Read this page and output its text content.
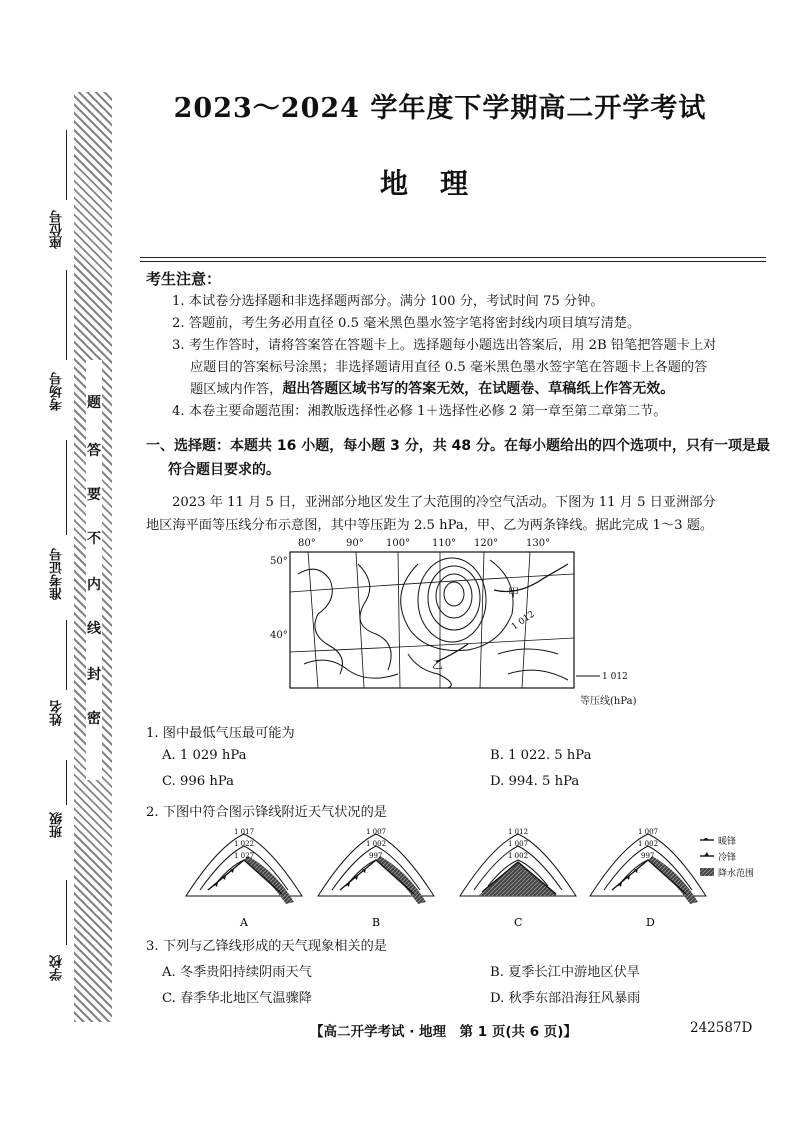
题
答
要
不
内
线
封
密
座位号
考场号
准考证号
姓名
班级
学校
2023～2024 学年度下学期高二开学考试
地理
考生注意：
1. 本试卷分选择题和非选择题两部分。满分 100 分，考试时间 75 分钟。
2. 答题前，考生务必用直径 0.5 毫米黑色墨水签字笔将密封线内项目填写清楚。
3. 考生作答时，请将答案答在答题卡上。选择题每小题选出答案后，用 2B 铅笔把答题卡上对
应题目的答案标号涂黑；非选择题请用直径 0.5 毫米黑色墨水签字笔在答题卡上各题的答
题区域内作答，超出答题区域书写的答案无效，在试题卷、草稿纸上作答无效。
4. 本卷主要命题范围：湘教版选择性必修 1＋选择性必修 2 第一章至第二章第二节。
一、选择题：本题共 16 小题，每小题 3 分，共 48 分。在每小题给出的四个选项中，只有一项是最
符合题目要求的。
2023 年 11 月 5 日，亚洲部分地区发生了大范围的冷空气活动。下图为 11 月 5 日亚洲部分
地区海平面等压线分布示意图，其中等压距为 2.5 hPa，甲、乙为两条锋线。据此完成 1～3 题。
80°	90° 100° 110° 120°	130°
50°
40°
甲
乙
1 012
1 012
等压线(hPa)
1. 图中最低气压最可能为
A. 1 029 hPa	B. 1 022. 5 hPa
C. 996 hPa	D. 994. 5 hPa
2. 下图中符合图示锋线附近天气状况的是
1 017
1 022
1 027
A
1 007
1 002
997
B
1 012
1 007
1 002
C
1 007
1 002
997
D
暖锋
冷锋
降水范围
3. 下列与乙锋线形成的天气现象相关的是
A. 冬季贵阳持续阴雨天气	B. 夏季长江中游地区伏旱
C. 春季华北地区气温骤降	D. 秋季东部沿海狂风暴雨
【高二开学考试 · 地理　第 1 页(共 6 页)】	242587D
